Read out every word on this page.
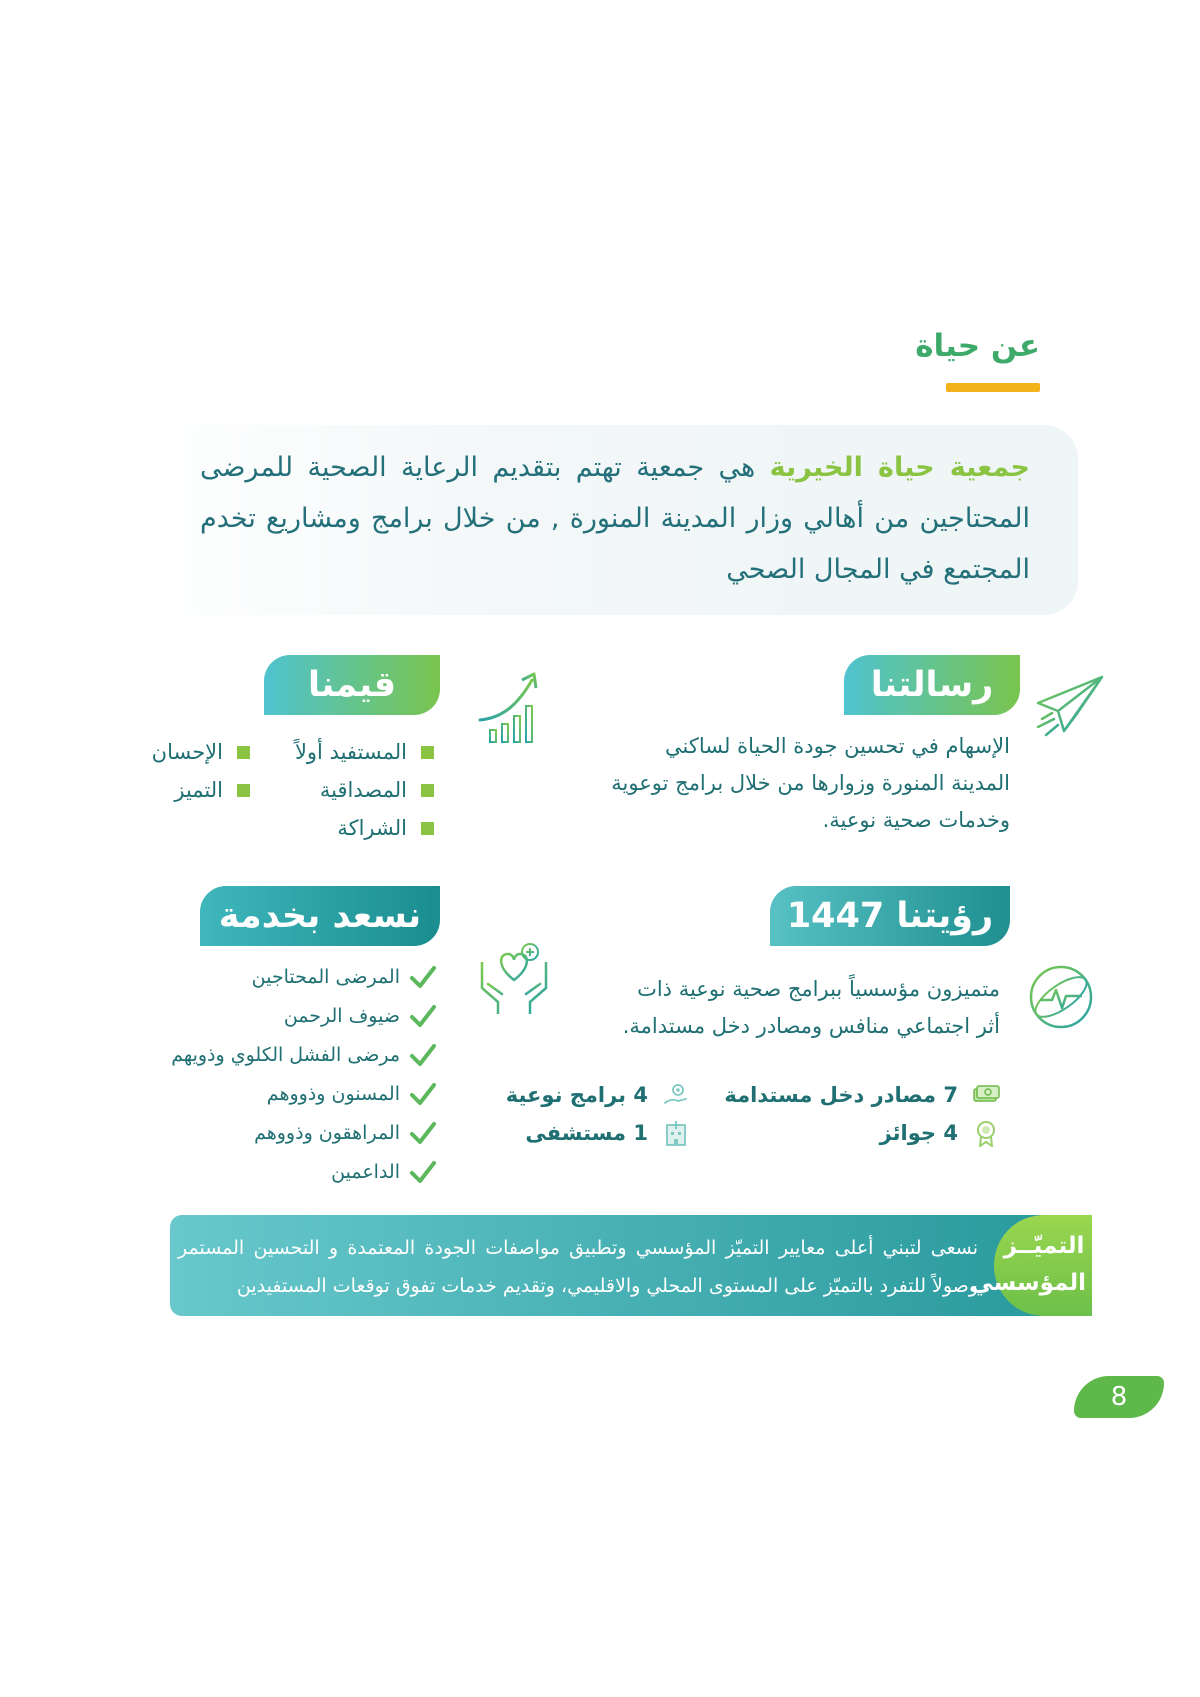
عن حياة
جمعية حياة الخيرية هي جمعية تهتم بتقديم الرعاية الصحية للمرضى المحتاجين من أهالي وزار المدينة المنورة , من خلال برامج ومشاريع تخدم المجتمع في المجال الصحي
رسالتنا
الإسهام في تحسين جودة الحياة لساكني المدينة المنورة وزوارها من خلال برامج توعوية وخدمات صحية نوعية.
قيمنا
المستفيد أولاً
الإحسان
المصداقية
التميز
الشراكة
رؤيتنا 1447
متميزون مؤسسياً ببرامج صحية نوعية ذات أثر اجتماعي منافس ومصادر دخل مستدامة.
7 مصادر دخل مستدامة
4 برامج نوعية
4 جوائز
1 مستشفى
نسعد بخدمة
المرضى المحتاجين
ضيوف الرحمن
مرضى الفشل الكلوي وذويهم
المسنون وذووهم
المراهقون وذووهم
الداعمين
التميّــز المؤسسي
نسعى لتبني أعلى معايير التميّز المؤسسي وتطبيق مواصفات الجودة المعتمدة و التحسين المستمر وصولاً للتفرد بالتميّز على المستوى المحلي والاقليمي، وتقديم خدمات تفوق توقعات المستفيدين
8
